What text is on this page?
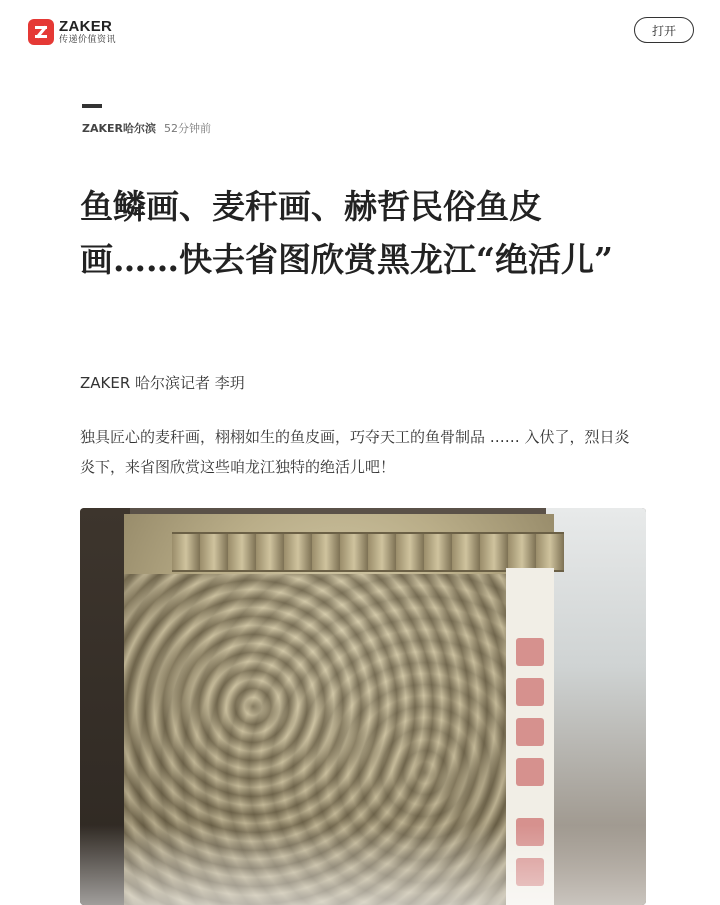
ZAKER
传递价值资讯
打开
ZAKER哈尔滨 52分钟前
鱼鳞画、麦秆画、赫哲民俗鱼皮画……快去省图欣赏黑龙江“绝活儿”

ZAKER 哈尔滨记者 李玥

独具匠心的麦秆画，栩栩如生的鱼皮画，巧夺天工的鱼骨制品 …… 入伏了，烈日炎炎下，来省图欣赏这些咱龙江独特的绝活儿吧！
